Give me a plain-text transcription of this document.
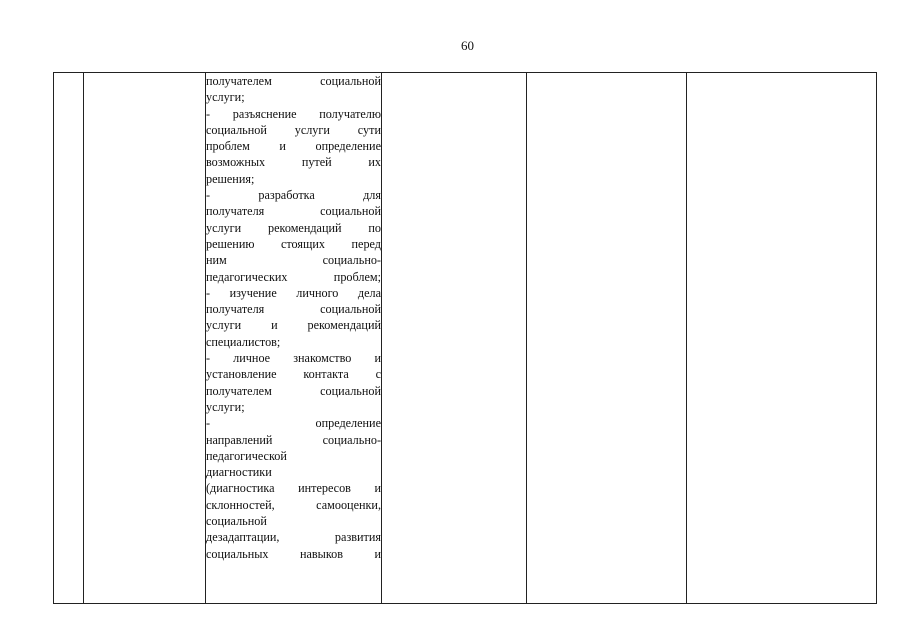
60

получателем социальной
услуги;
- разъяснение получателю
социальной услуги сути
проблем и определение
возможных путей их
решения;
- разработка для
получателя социальной
услуги рекомендаций по
решению стоящих перед
ним социально-
педагогических проблем;
- изучение личного дела
получателя социальной
услуги и рекомендаций
специалистов;
- личное знакомство и
установление контакта с
получателем социальной
услуги;
- определение
направлений социально-
педагогической
диагностики
(диагностика интересов и
склонностей, самооценки,
социальной
дезадаптации, развития
социальных навыков и
